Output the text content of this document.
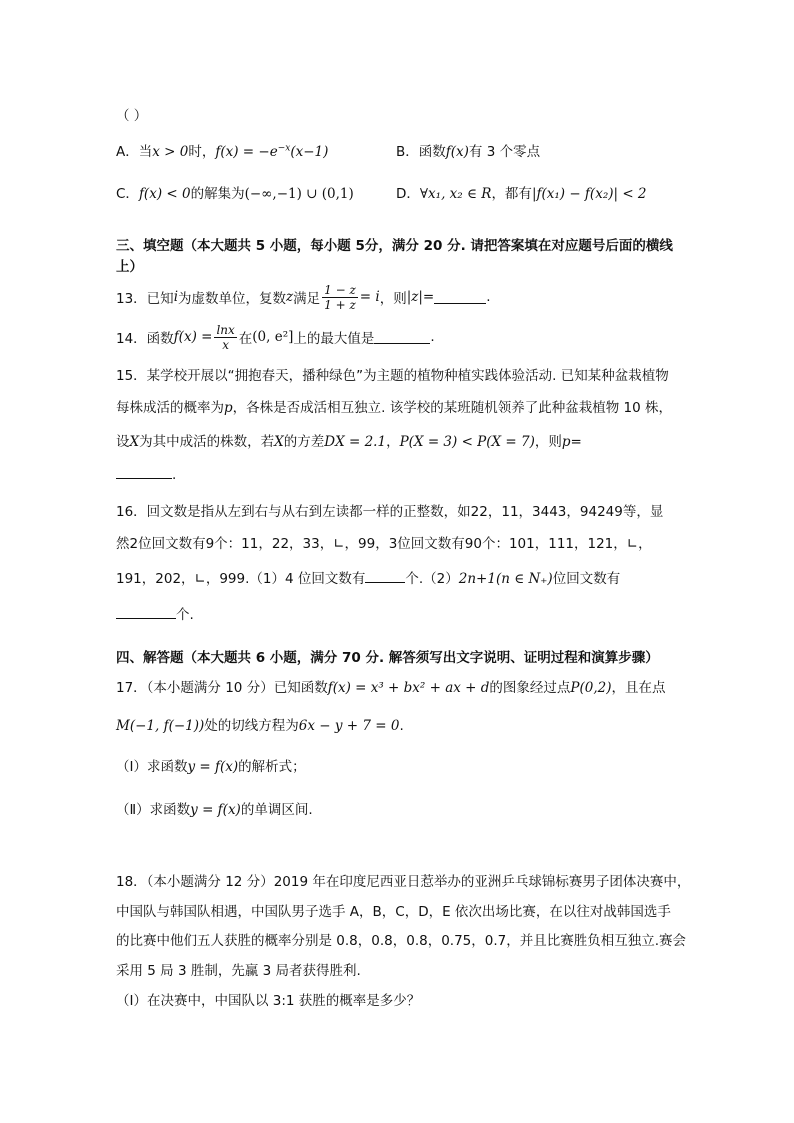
（ ）
A．当x > 0时，$f(x) = -e^{-x}(x-1)$	B．函数f(x)有 3 个零点
C．f(x) < 0的解集为(−∞,−1) ∪ (0,1)	D．∀x₁, x₂ ∈ R，都有|f(x₁) − f(x₂)| < 2
三、填空题（本大题共 5 小题，每小题 5分，满分 20 分. 请把答案填在对应题号后面的横线
上）
13．已知 i 为虚数单位，复数 z 满足 $\frac{1 - z}{1 + z} = i$ ，则 |z| =	.
14．函数 $f(x) = \frac{\ln x}{x}$ 在 (0, e²] 上的最大值是	.
15．某学校开展以“拥抱春天，播种绿色”为主题的植物种植实践体验活动. 已知某种盆栽植物
每株成活的概率为p，各株是否成活相互独立. 该学校的某班随机领养了此种盆栽植物 10 株，
设X为其中成活的株数，若X的方差DX = 2.1，P(X = 3) < P(X = 7)，则p=
.
16．回文数是指从左到右与从右到左读都一样的正整数，如22，11，3443，94249等，显
然2位回文数有9个：11，22，33，∟，99，3位回文数有90个：101，111，121，∟，
191，202，∟，999.（1）4 位回文数有	个.（2）2n+1(n ∈ N₊)位回文数有
个.
四、解答题（本大题共 6 小题，满分 70 分. 解答须写出文字说明、证明过程和演算步骤）
17．（本小题满分 10 分）已知函数f(x) = x³ + bx² + ax + d的图象经过点P(0,2)，且在点
M(−1, f(−1))处的切线方程为6x − y + 7 = 0.
（Ⅰ）求函数y = f(x)的解析式；
（Ⅱ）求函数y = f(x)的单调区间.
18．（本小题满分 12 分）2019 年在印度尼西亚日惹举办的亚洲乒乓球锦标赛男子团体决赛中，
中国队与韩国队相遇，中国队男子选手 A，B，C，D，E 依次出场比赛，在以往对战韩国选手
的比赛中他们五人获胜的概率分别是 0.8，0.8，0.8，0.75，0.7，并且比赛胜负相互独立.赛会
采用 5 局 3 胜制，先赢 3 局者获得胜利.
（Ⅰ）在决赛中，中国队以 3:1 获胜的概率是多少？
